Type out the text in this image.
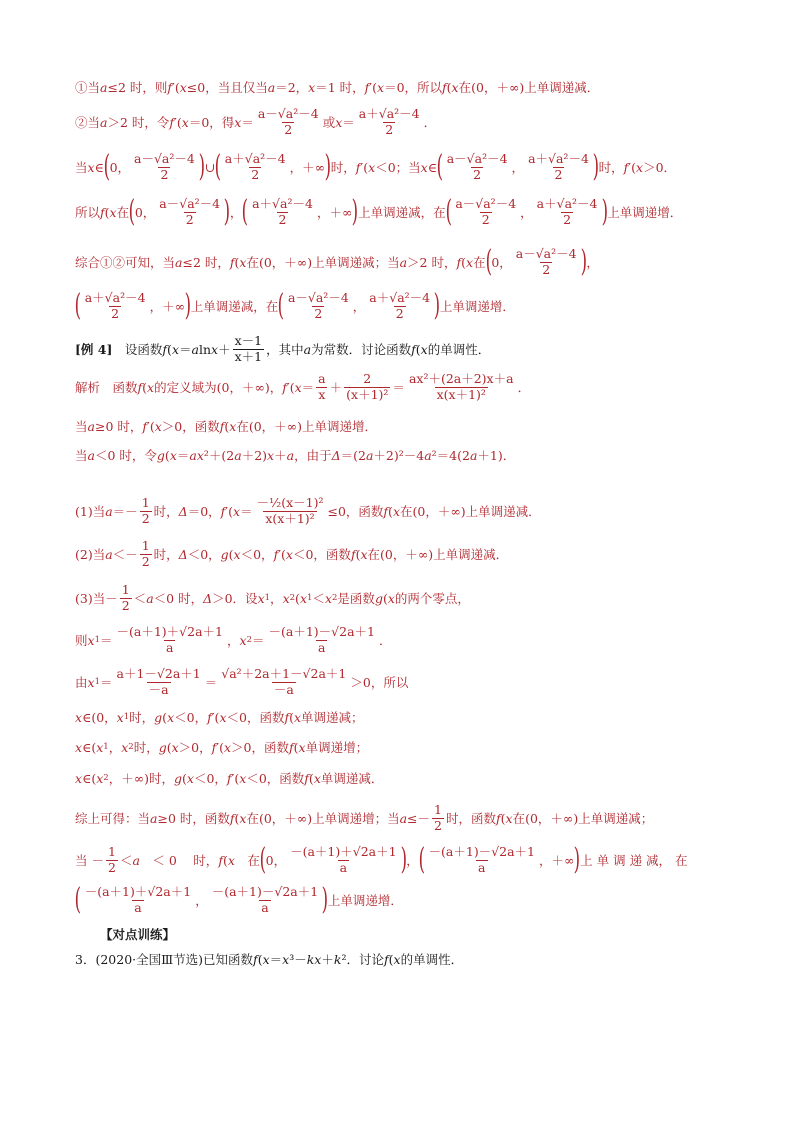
①当 a ≤2 时，则 f ′( x ≤0，当且仅当 a ＝2， x ＝1 时， f ′( x ＝0，所以 f ( x 在(0，＋∞)上单调递减．
②当 a ＞2 时，令 f ′( x ＝0，得 $x = \frac{\text{a－√a²－4}}{2}$ 或 $x = \frac{\text{a＋√a²－4}}{2}$ ．
当 x ∈ ( 0， $\frac{\text{a－√a²－4}}{2}$ ) ∪ ( $\frac{\text{a＋√a²－4}}{2}$ ，＋∞ ) 时， f ′( x ＜0；当 x ∈ ( $\frac{\text{a－√a²－4}}{2}$ ， $\frac{\text{a＋√a²－4}}{2}$ ) 时， f ′( x ＞0．
所以 f ( x 在 ( 0， $\frac{\text{a－√a²－4}}{2}$ ) ， ( $\frac{\text{a＋√a²－4}}{2}$ ，＋∞ ) 上单调递减，在 ( $\frac{\text{a－√a²－4}}{2}$ ， $\frac{\text{a＋√a²－4}}{2}$ ) 上单调递增．
综合①②可知，当 a ≤2 时， f ( x 在(0，＋∞)上单调递减；当 a ＞2 时， f ( x 在 ( 0， $\frac{\text{a－√a²－4}}{2}$ ) ，
( $\frac{\text{a＋√a²－4}}{2}$ ，＋∞ ) 上单调递减，在 ( $\frac{\text{a－√a²－4}}{2}$ ， $\frac{\text{a＋√a²－4}}{2}$ ) 上单调递增．
[例 4] 　设函数 f ( x ＝ a $\ln x + \frac{x-1}{x+1}$ ，其中 a 为常数．讨论函数 f ( x 的单调性．
解析　函数 f ( x 的定义域为(0，＋∞)， f ′( $x = \frac{a}{x} + \frac{2}{\text{(x＋1)²}} = \frac{\text{ax²＋(2a＋2)x＋a}}{\text{x(x＋1)²}}$ ．
当 a ≥0 时， f ′( x ＞0，函数 f ( x 在(0，＋∞)上单调递增．
当 a ＜0 时，令 g ( x ＝ ax ²＋(2 a ＋2) x ＋ a ，由于 Δ ＝(2 a ＋2)²－4 a ²＝4(2 a ＋1)．
(1)当 $a =- \frac{1}{2}$ 时， Δ ＝0， f ′( $x = \frac{\text{－½(x－1)²}}{\text{x(x＋1)²}} \le 0$，函数 f ( x 在(0，＋∞)上单调递减．
(2)当 $a <- \frac{1}{2}$ 时， Δ ＜0， g ( x ＜0， f ′( x ＜0，函数 f ( x 在(0，＋∞)上单调递减．
(3)当－ $\frac{1}{2} < a <0$ 时， Δ ＞0．设 x 1 ， x 2 ( x 1 ＜ x 2 是函数 g ( x 的两个零点，
则 x $1 = \frac{-(a+1)+√2a+1}{a}$ ， x $2 = \frac{-(a+1)-√2a+1}{a}$ ．
由 x $1 = \frac{a+1-√2a+1}{-a} = \frac{\text{√a²＋2a＋1－√2a＋1}}{-a} >0$，所以
x ∈(0， x 1 时， g ( x ＜0， f ′( x ＜0，函数 f ( x 单调递减；
x ∈( x 1 ， x 2 时， g ( x ＞0， f ′( x ＞0，函数 f ( x 单调递增；
x ∈( x 2 ，＋∞)时， g ( x ＜0， f ′( x ＜0，函数 f ( x 单调递减．
综上可得：当 a ≥0 时，函数 f ( x 在(0，＋∞)上单调递增；当 $a \le- \frac{1}{2}$ 时，函数 f ( x 在(0，＋∞)上单调递减；
当 － $\frac{1}{2} < a$ 　＜ 0　 时， f ( x 　在 ( 0， $\frac{-(a+1)+√2a+1}{a}$ ) ， ( $\frac{-(a+1)-√2a+1}{a}$ ，＋∞ ) 上 单 调 递 减， 在
( $\frac{-(a+1)+√2a+1}{a}$ ， $\frac{-(a+1)-√2a+1}{a}$ ) 上单调递增．
【对点训练】
3．(2020·全国Ⅲ节选)已知函数 f ( x ＝ x ³－ kx ＋ k ²．讨论 f ( x 的单调性．
